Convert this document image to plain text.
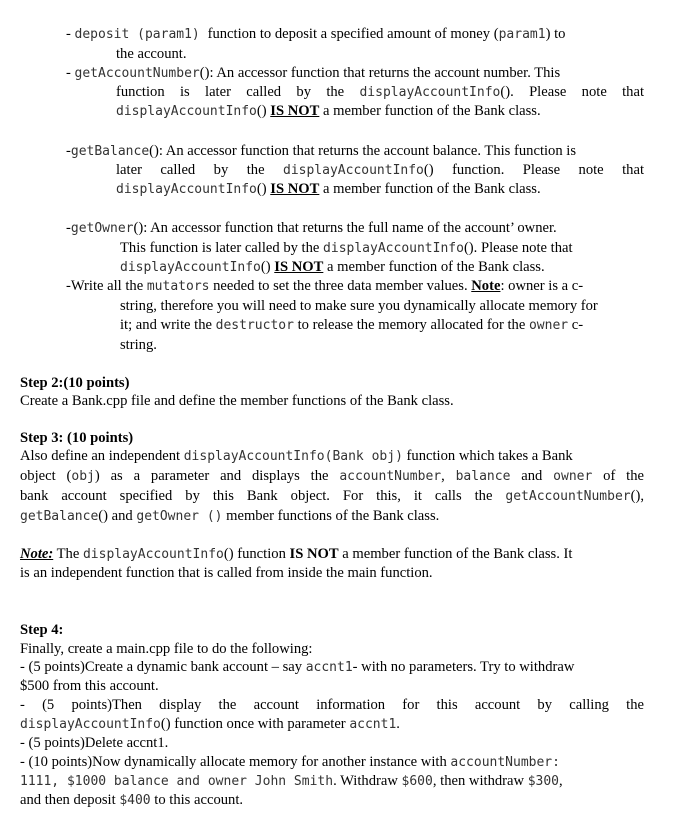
- deposit (param1) function to deposit a specified amount of money (param1) to
the account.
- getAccountNumber(): An accessor function that returns the account number. This
function is later called by the displayAccountInfo(). Please note that
displayAccountInfo() IS NOT a member function of the Bank class.
-getBalance(): An accessor function that returns the account balance. This function is
later called by the displayAccountInfo() function. Please note that
displayAccountInfo() IS NOT a member function of the Bank class.
-getOwner(): An accessor function that returns the full name of the account’ owner.
This function is later called by the displayAccountInfo(). Please note that
displayAccountInfo() IS NOT a member function of the Bank class.
-Write all the mutators needed to set the three data member values. Note: owner is a c-
string, therefore you will need to make sure you dynamically allocate memory for
it; and write the destructor to release the memory allocated for the owner c-
string.
Step 2:(10 points)
Create a Bank.cpp file and define the member functions of the Bank class.
Step 3: (10 points)
Also define an independent displayAccountInfo(Bank obj) function which takes a Bank
object (obj) as a parameter and displays the accountNumber, balance and owner of the
bank account specified by this Bank object. For this, it calls the getAccountNumber(),
getBalance() and getOwner () member functions of the Bank class.
Note: The displayAccountInfo() function IS NOT a member function of the Bank class. It
is an independent function that is called from inside the main function.
Step 4:
Finally, create a main.cpp file to do the following:
- (5 points)Create a dynamic bank account – say accnt1- with no parameters. Try to withdraw
$500 from this account.
- (5 points)Then display the account information for this account by calling the
displayAccountInfo() function once with parameter accnt1.
- (5 points)Delete accnt1.
- (10 points)Now dynamically allocate memory for another instance with accountNumber:
1111, $1000 balance and owner John Smith. Withdraw $600, then withdraw $300,
and then deposit $400 to this account.
